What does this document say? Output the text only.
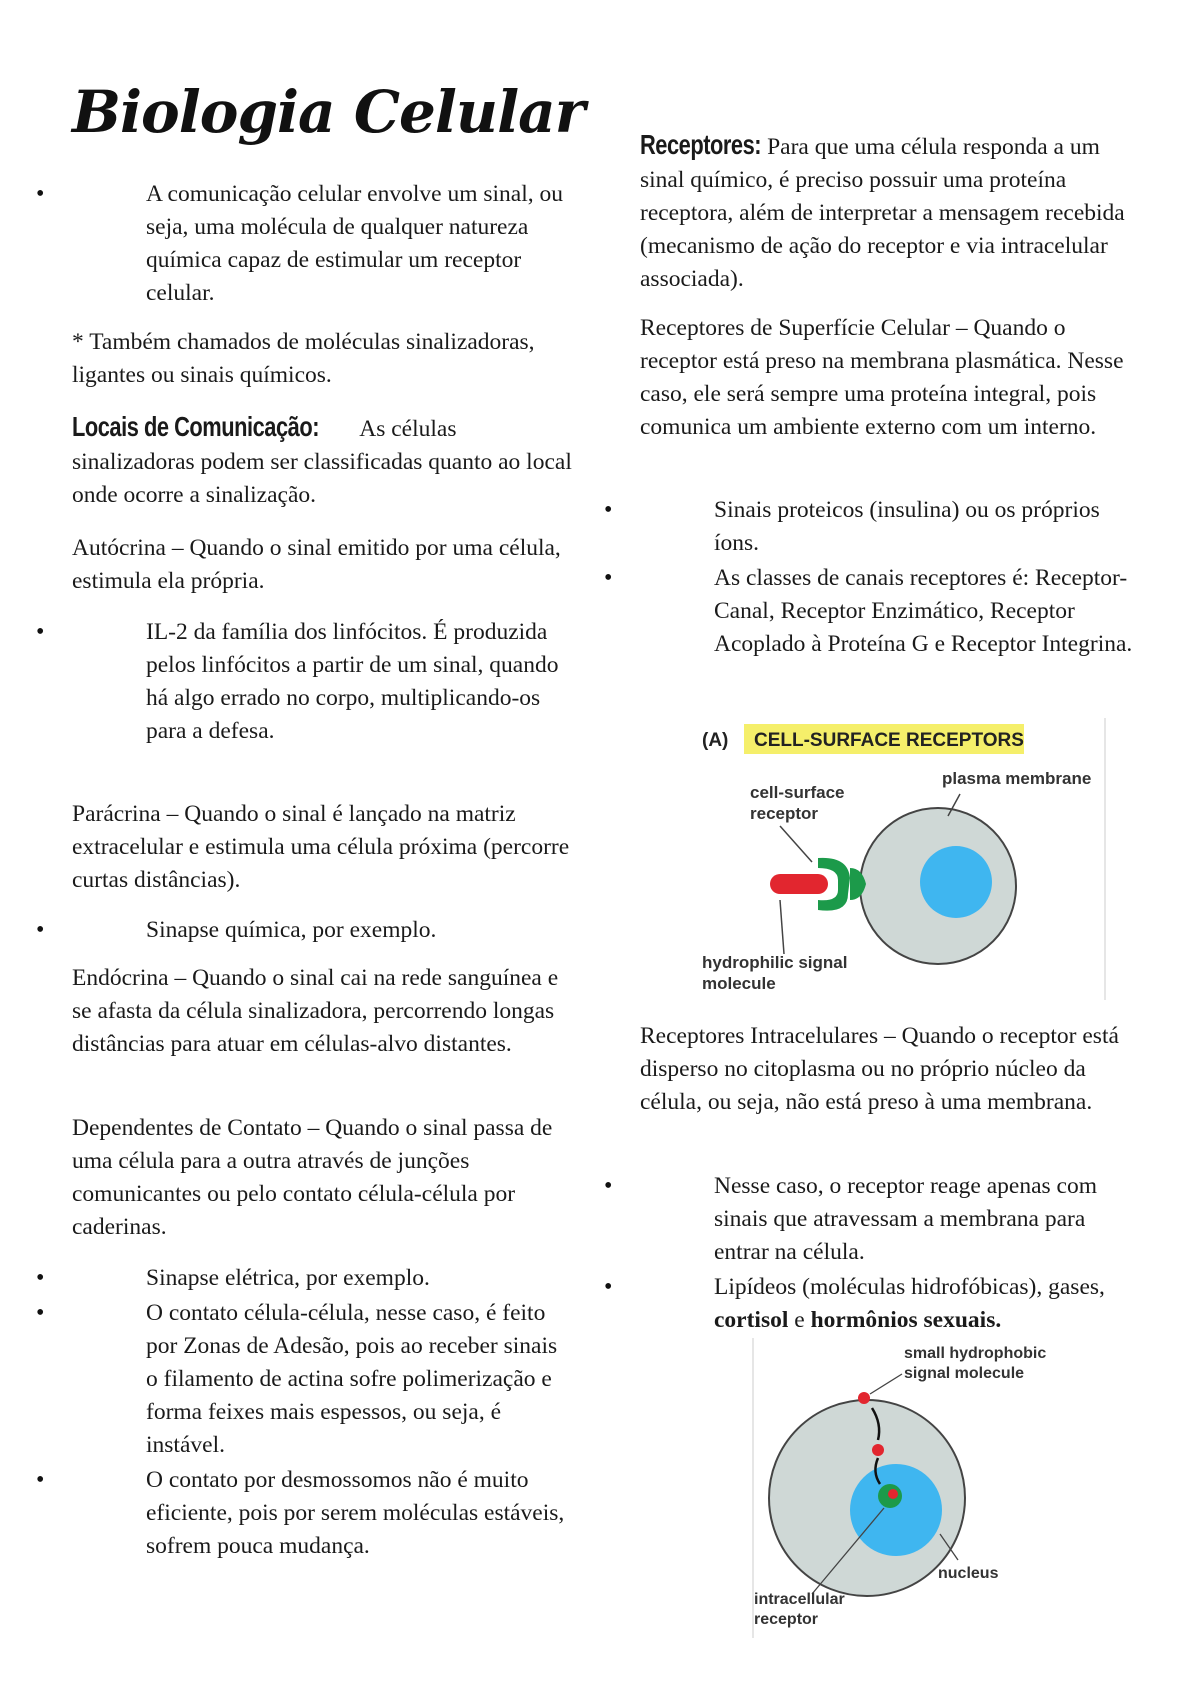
Biologia Celular
• A comunicação celular envolve um sinal, ou seja, uma molécula de qualquer natureza química capaz de estimular um receptor celular.

* Também chamados de moléculas sinalizadoras, ligantes ou sinais químicos.

Locais de Comunicação: As células sinalizadoras podem ser classificadas quanto ao local onde ocorre a sinalização.

Autócrina – Quando o sinal emitido por uma célula, estimula ela própria.

• IL-2 da família dos linfócitos. É produzida pelos linfócitos a partir de um sinal, quando há algo errado no corpo, multiplicando-os para a defesa.

Parácrina – Quando o sinal é lançado na matriz extracelular e estimula uma célula próxima (percorre curtas distâncias).

• Sinapse química, por exemplo.

Endócrina – Quando o sinal cai na rede sanguínea e se afasta da célula sinalizadora, percorrendo longas distâncias para atuar em células-alvo distantes.

Dependentes de Contato – Quando o sinal passa de uma célula para a outra através de junções comunicantes ou pelo contato célula-célula por caderinas.

• Sinapse elétrica, por exemplo.
• O contato célula-célula, nesse caso, é feito por Zonas de Adesão, pois ao receber sinais o filamento de actina sofre polimerização e forma feixes mais espessos, ou seja, é instável.
• O contato por desmossomos não é muito eficiente, pois por serem moléculas estáveis, sofrem pouca mudança.

Receptores: Para que uma célula responda a um sinal químico, é preciso possuir uma proteína receptora, além de interpretar a mensagem recebida (mecanismo de ação do receptor e via intracelular associada).

Receptores de Superfície Celular – Quando o receptor está preso na membrana plasmática. Nesse caso, ele será sempre uma proteína integral, pois comunica um ambiente externo com um interno.

• Sinais proteicos (insulina) ou os próprios íons.
• As classes de canais receptores é: Receptor-Canal, Receptor Enzimático, Receptor Acoplado à Proteína G e Receptor Integrina.

Receptores Intracelulares – Quando o receptor está disperso no citoplasma ou no próprio núcleo da célula, ou seja, não está preso à uma membrana.

• Nesse caso, o receptor reage apenas com sinais que atravessam a membrana para entrar na célula.
• Lipídeos (moléculas hidrofóbicas), gases, cortisol e hormônios sexuais.
(A) CELL-SURFACE RECEPTORS
cell-surface
receptor
plasma membrane
hydrophilic signal
molecule
small hydrophobic
signal molecule
nucleus
intracellular
receptor
